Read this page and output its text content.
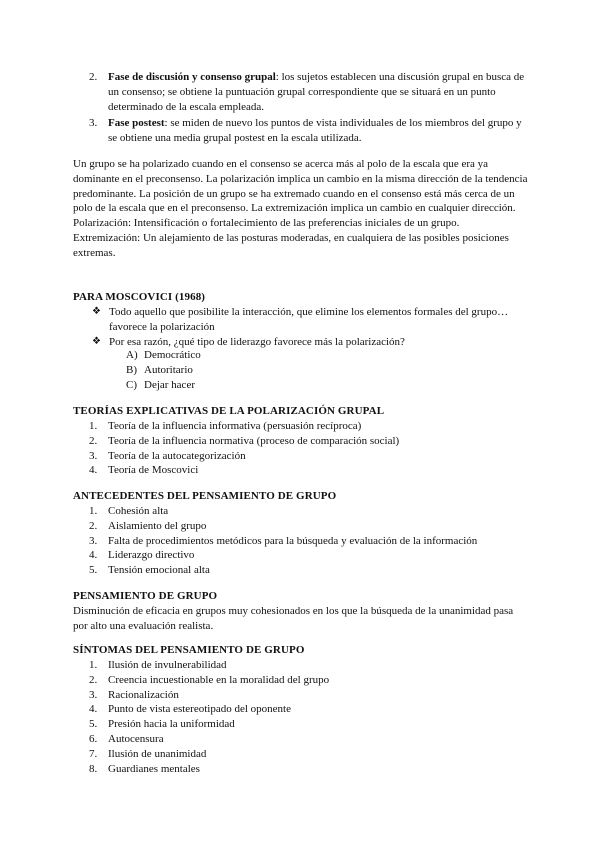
2. Fase de discusión y consenso grupal: los sujetos establecen una discusión grupal en busca de un consenso; se obtiene la puntuación grupal correspondiente que se situará en un punto determinado de la escala empleada.
3. Fase postest: se miden de nuevo los puntos de vista individuales de los miembros del grupo y se obtiene una media grupal postest en la escala utilizada.

Un grupo se ha polarizado cuando en el consenso se acerca más al polo de la escala que era ya dominante en el preconsenso. La polarización implica un cambio en la misma dirección de la tendencia predominante. La posición de un grupo se ha extremado cuando en el consenso está más cerca de un polo de la escala que en el preconsenso. La extremización implica un cambio en cualquier dirección.

Polarización: Intensificación o fortalecimiento de las preferencias iniciales de un grupo.

Extremización: Un alejamiento de las posturas moderadas, en cualquiera de las posibles posiciones extremas.

PARA MOSCOVICI (1968)

❖ Todo aquello que posibilite la interacción, que elimine los elementos formales del grupo… favorece la polarización
❖ Por esa razón, ¿qué tipo de liderazgo favorece más la polarización?
A) Democrático
B) Autoritario
C) Dejar hacer

TEORÍAS EXPLICATIVAS DE LA POLARIZACIÓN GRUPAL

1. Teoría de la influencia informativa (persuasión recíproca)
2. Teoría de la influencia normativa (proceso de comparación social)
3. Teoría de la autocategorización
4. Teoría de Moscovici

ANTECEDENTES DEL PENSAMIENTO DE GRUPO

1. Cohesión alta
2. Aislamiento del grupo
3. Falta de procedimientos metódicos para la búsqueda y evaluación de la información
4. Liderazgo directivo
5. Tensión emocional alta

PENSAMIENTO DE GRUPO

Disminución de eficacia en grupos muy cohesionados en los que la búsqueda de la unanimidad pasa por alto una evaluación realista.

SÍNTOMAS DEL PENSAMIENTO DE GRUPO

1. Ilusión de invulnerabilidad
2. Creencia incuestionable en la moralidad del grupo
3. Racionalización
4. Punto de vista estereotipado del oponente
5. Presión hacia la uniformidad
6. Autocensura
7. Ilusión de unanimidad
8. Guardianes mentales
